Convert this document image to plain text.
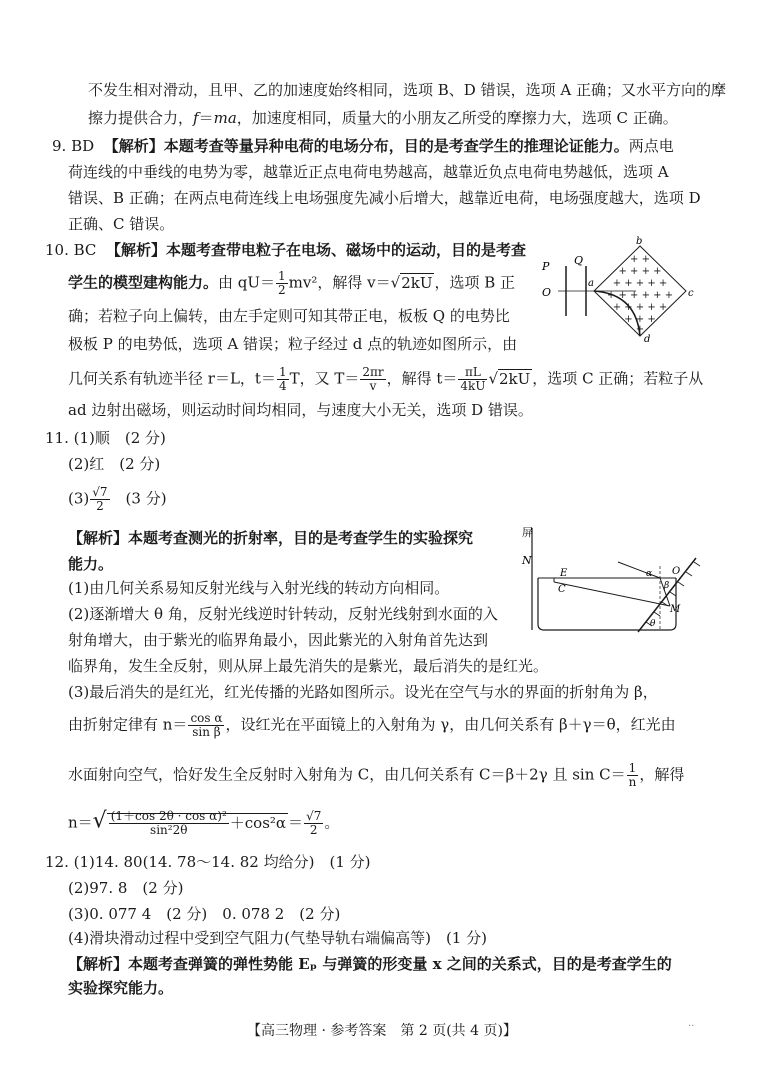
不发生相对滑动，且甲、乙的加速度始终相同，选项 B、D 错误，选项 A 正确；又水平方向的摩
擦力提供合力，f＝ma，加速度相同，质量大的小朋友乙所受的摩擦力大，选项 C 正确。
9. BD 【解析】本题考查等量异种电荷的电场分布，目的是考查学生的推理论证能力。两点电
荷连线的中垂线的电势为零，越靠近正点电荷电势越高，越靠近负点电荷电势越低，选项 A
错误、B 正确；在两点电荷连线上电场强度先减小后增大，越靠近电荷，电场强度越大，选项 D
正确、C 错误。
10. BC 【解析】本题考查带电粒子在电场、磁场中的运动，目的是考查
学生的模型建构能力。由 $qU= \frac{1}{2} mv^2$，解得 v＝√2kU ，选项 B 正
确；若粒子向上偏转，由左手定则可知其带正电，板板 Q 的电势比
极板 P 的电势低，选项 A 错误；粒子经过 d 点的轨迹如图所示，由
几何关系有轨迹半径 r＝L，$t= \frac{1}{4}$ T，又 $T= \frac{2\pi r}{v}$ ，解得 $t= \frac{\pi L}{4kU} √2kU$ ，选项 C 正确；若粒子从
ad 边射出磁场，则运动时间均相同，与速度大小无关，选项 D 错误。
+ +
+ + + +
+ + + + +
+ + + + + +
+ + + + +
+ + +
+
P Q
O
a
b
c
d
11. (1)顺　(2 分)
(2)红　(2 分)
$(3) \frac{√7}{2}$ 　(3 分)
【解析】本题考查测光的折射率，目的是考查学生的实验探究
能力。
(1)由几何关系易知反射光线与入射光线的转动方向相同。
(2)逐渐增大 θ 角，反射光线逆时针转动，反射光线射到水面的入
射角增大，由于紫光的临界角最小，因此紫光的入射角首先达到
临界角，发生全反射，则从屏上最先消失的是紫光，最后消失的是红光。
(3)最后消失的是红光，红光传播的光路如图所示。设光在空气与水的界面的折射角为 β，
由折射定律有 $n= \frac{\text{cos α}}{\text{sin β}}$ ，设红光在平面镜上的入射角为 γ，由几何关系有 β＋γ＝θ，红光由
水面射向空气，恰好发生全反射时入射角为 C，由几何关系有 C＝β＋2γ 且 $\sin C= \frac{1}{n}$ ，解得
$n=√ \frac{\text{(1＋cos 2θ · cos α)²}}{\text{sin²2θ}} +\cos^2\alpha = \frac{√7}{2}$ 。
屏
N
E
C
O
M
α
β
θ
12. (1)14. 80(14. 78～14. 82 均给分)　(1 分)
(2)97. 8　(2 分)
(3)0. 077 4　(2 分)　0. 078 2　(2 分)
(4)滑块滑动过程中受到空气阻力(气垫导轨右端偏高等)　(1 分)
【解析】本题考查弹簧的弹性势能 Eₚ 与弹簧的形变量 x 之间的关系式，目的是考查学生的
实验探究能力。
【高三物理 · 参考答案　第 2 页(共 4 页)】	..
